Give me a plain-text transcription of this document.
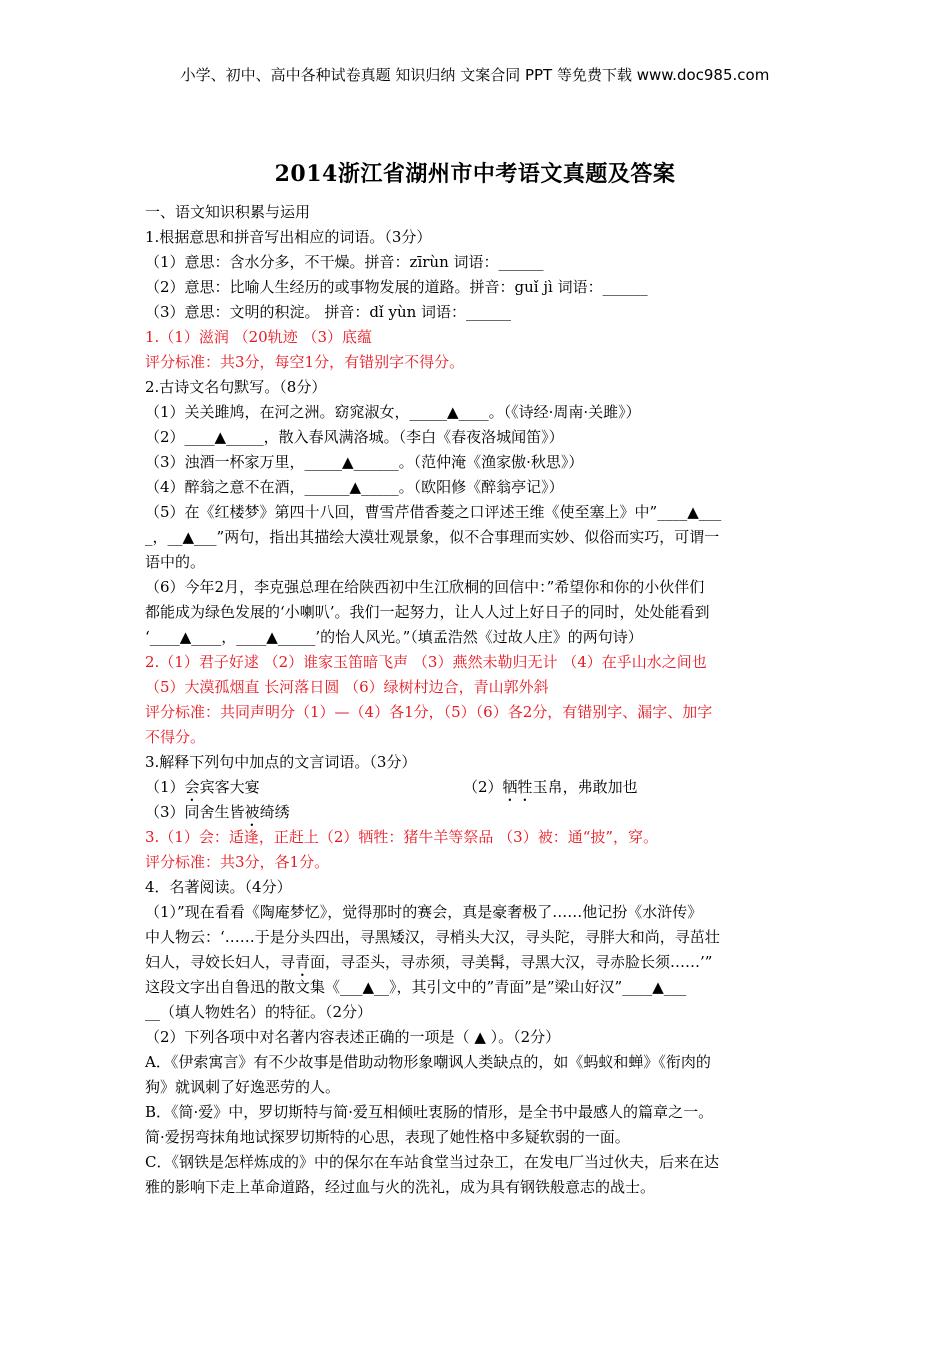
小学、初中、高中各种试卷真题 知识归纳 文案合同 PPT 等免费下载 www.doc985.com
2014浙江省湖州市中考语文真题及答案
一、语文知识积累与运用
1.根据意思和拼音写出相应的词语。（3分）
（1）意思：含水分多，不干燥。拼音：zīrùn 词语：______
（2）意思：比喻人生经历的或事物发展的道路。拼音：guǐ jì 词语：______
（3）意思：文明的积淀。 拼音：dǐ yùn 词语：______
1.（1）滋润 （20轨迹 （3）底蕴
评分标准：共3分，每空1分，有错别字不得分。
2.古诗文名句默写。（8分）
（1）关关雎鸠，在河之洲。窈窕淑女，_____▲____。（《诗经·周南·关雎》）
（2）____▲_____，散入春风满洛城。（李白《春夜洛城闻笛》）
（3）浊酒一杯家万里，_____▲______。（范仲淹《渔家傲·秋思》）
（4）醉翁之意不在酒，______▲_____。（欧阳修《醉翁亭记》）
（5）在《红楼梦》第四十八回，曹雪芹借香菱之口评述王维《使至塞上》中”____▲___
_，__▲___”两句，指出其描绘大漠壮观景象，似不合事理而实妙、似俗而实巧，可谓一
语中的。
（6）今年2月，李克强总理在给陕西初中生江欣桐的回信中：”希望你和你的小伙伴们
都能成为绿色发展的‘小喇叭’。我们一起努力，让人人过上好日子的同时，处处能看到
‘____▲____，____▲_____’的怡人风光。”（填孟浩然《过故人庄》的两句诗）
2.（1）君子好逑 （2）谁家玉笛暗飞声 （3）燕然未勒归无计 （4）在乎山水之间也
（5）大漠孤烟直 长河落日圆 （6）绿树村边合，青山郭外斜
评分标准：共同声明分（1）—（4）各1分，（5）（6）各2分，有错别字、漏字、加字
不得分。
3.解释下列句中加点的文言词语。（3分）
（1）会宾客大宴	（2）牺牲玉帛，弗敢加也
（3）同舍生皆被绮绣
3.（1）会：适逢，正赶上（2）牺牲：猪牛羊等祭品 （3）被：通“披”，穿。
评分标准：共3分，各1分。
4．名著阅读。（4分）
（1）”现在看看《陶庵梦忆》，觉得那时的赛会，真是豪奢极了……他记扮《水浒传》
中人物云：‘……于是分头四出，寻黑矮汉，寻梢头大汉，寻头陀，寻胖大和尚，寻茁壮
妇人，寻姣长妇人，寻青面，寻歪头，寻赤须，寻美髯，寻黑大汉，寻赤脸长须……’”
这段文字出自鲁迅的散文集《___▲__》，其引文中的”青面”是”梁山好汉”____▲___
__（填人物姓名）的特征。（2分）
（2）下列各项中对名著内容表述正确的一项是（ ▲ ）。（2分）
A．《伊索寓言》有不少故事是借助动物形象嘲讽人类缺点的，如《蚂蚁和蝉》《衔肉的
狗》就讽刺了好逸恶劳的人。
B．《简·爱》中，罗切斯特与简·爱互相倾吐衷肠的情形，是全书中最感人的篇章之一。
简·爱拐弯抹角地试探罗切斯特的心思，表现了她性格中多疑软弱的一面。
C．《钢铁是怎样炼成的》中的保尔在车站食堂当过杂工，在发电厂当过伙夫，后来在达
雅的影响下走上革命道路，经过血与火的洗礼，成为具有钢铁般意志的战士。
